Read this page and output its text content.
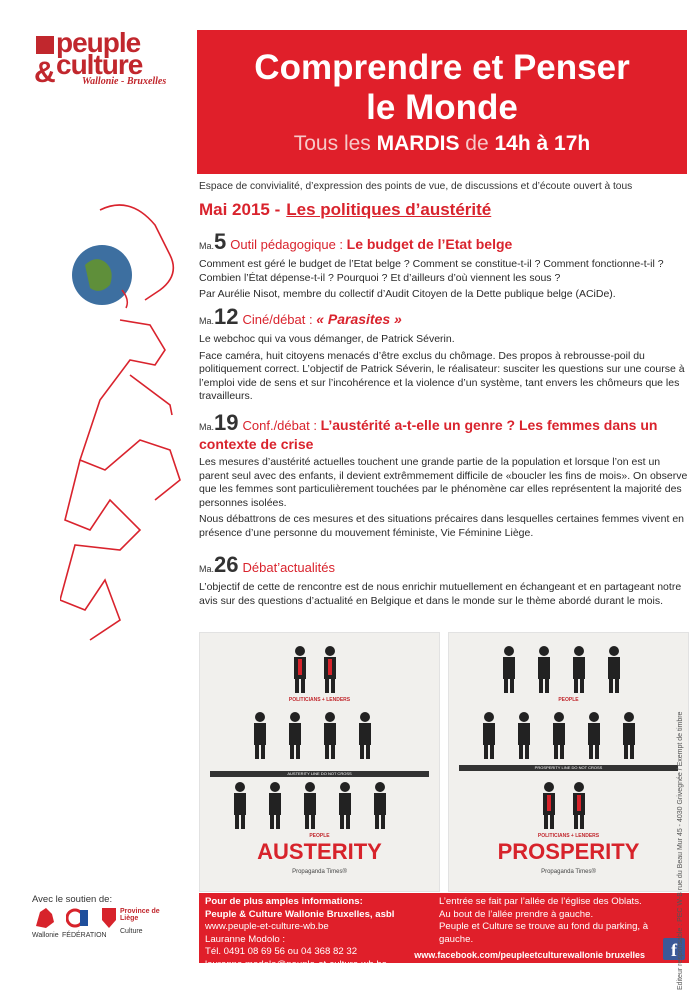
peuple
culture
&	Wallonie - Bruxelles	Comprendre et Penser
le Monde
Tous les MARDIS de 14h à 17h
Espace de convivialité, d’expression des points de vue, de discussions et d’écoute ouvert à tous
Mai 2015 - Les politiques d’austérité
Ma.5 Outil pédagogique : Le budget de l’Etat belge
Comment est géré le budget de l’Etat belge ? Comment se constitue-t-il ? Comment fonctionne-t-il ? Combien l’État dépense-t-il ? Pourquoi ? Et d’ailleurs d’où viennent les sous ?
Par Aurélie Nisot, membre du collectif d’Audit Citoyen de la Dette publique belge (ACiDe).
Ma.12 Ciné/débat : « Parasites »
Le webchoc qui va vous démanger, de Patrick Séverin.
Face caméra, huit citoyens menacés d’être exclus du chômage. Des propos à rebrousse-poil du politiquement correct. L’objectif de Patrick Séverin, le réalisateur: susciter les questions sur une course à l’emploi vide de sens et sur l’incohérence et la violence d’un système, tant envers les chômeurs que les travailleurs.
Ma.19 Conf./débat : L’austérité a-t-elle un genre ? Les femmes dans un contexte de crise
Les mesures d’austérité actuelles touchent une grande partie de la population et lorsque l’on est un parent seul avec des enfants, il devient extrêmmement difficile de «boucler les fins de mois». On observe que les femmes sont particulièrement touchées par le phénomène car elles représentent la majorité des personnes isolées.
Nous débattrons de ces mesures et des situations précaires dans lesquelles certaines femmes vivent en présence d’une personne du mouvement féministe, Vie Féminine Liège.
Ma.26 Débat’actualités
L’objectif de cette de rencontre est de nous enrichir mutuellement en échangeant et en partageant notre avis sur des questions d’actualité en Belgique et dans le monde sur le thème abordé durant le mois.
POLITICIANS + LENDERS
AUSTERITY LINE DO NOT CROSS
PEOPLE
AUSTERITY
Propaganda Times®
PEOPLE
PROSPERITY LINE DO NOT CROSS
POLITICIANS + LENDERS
PROSPERITY
Propaganda Times®
Pour de plus amples informations:
Peuple & Culture Wallonie Bruxelles, asbl
www.peuple-et-culture-wb.be
Lauranne Modolo :
Tél. 0491 08 69 56 ou 04 368 82 32
lauranne.modolo@peuple-et-culture-wb.be
Rue du Beau Mur 45, 4030 Grivegnée
L’entrée se fait par l’allée de l’église des Oblats.
Au bout de l’allée prendre à gauche.
Peuple et Culture se trouve au fond du parking, à gauche.
www.facebook.com/peupleetculturewallonie bruxelles	f
Avec le soutien de:
Wallonie FÉDÉRATION
Province de Liège
Culture	Editeur responsable : PEC W-B rue du Beau Mur 45 - 4030 Grivegnée / Exempt de timbre
